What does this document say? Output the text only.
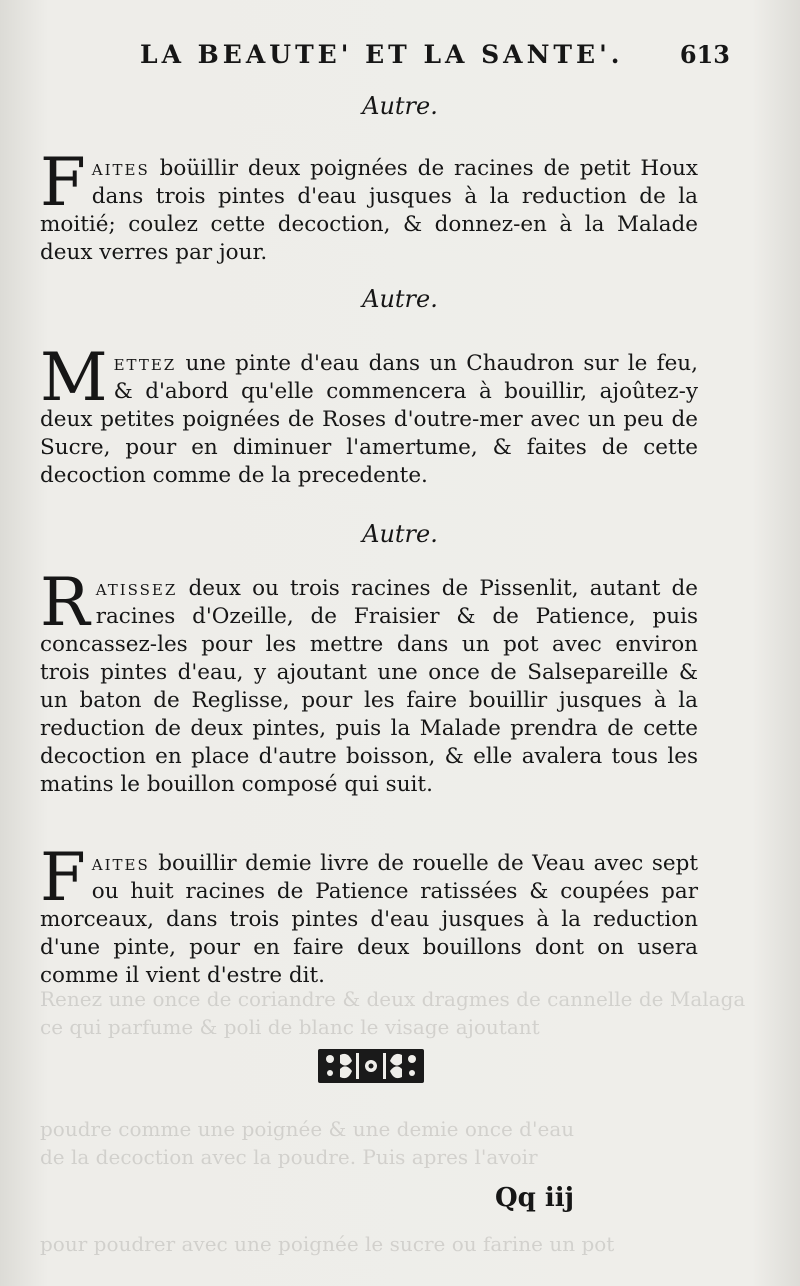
Renez une once de coriandre & deux dragmes de cannelle de Malaga
ce qui parfume & poli de blanc le visage ajoutant
poudre comme une poignée & une demie once d'eau
de la decoction avec la poudre. Puis apres l'avoir
pour poudrer avec une poignée le sucre ou farine un pot
LA BEAUTE' ET LA SANTE'. 613
Autre.
Faites boüillir deux poignées de racines de petit Houx dans trois pintes d'eau jusques à la reduction de la moitié; coulez cette decoction, & donnez-en à la Malade deux verres par jour.
Autre.
Mettez une pinte d'eau dans un Chaudron sur le feu, & d'abord qu'elle commencera à bouillir, ajoûtez-y deux petites poignées de Roses d'outre-mer avec un peu de Sucre, pour en diminuer l'amertume, & faites de cette decoction comme de la precedente.
Autre.
Ratissez deux ou trois racines de Pissenlit, autant de racines d'Ozeille, de Fraisier & de Patience, puis concassez-les pour les mettre dans un pot avec environ trois pintes d'eau, y ajoutant une once de Salsepareille & un baton de Reglisse, pour les faire bouillir jusques à la reduction de deux pintes, puis la Malade prendra de cette decoction en place d'autre boisson, & elle avalera tous les matins le bouillon composé qui suit.
Faites bouillir demie livre de rouelle de Veau avec sept ou huit racines de Patience ratissées & coupées par morceaux, dans trois pintes d'eau jusques à la reduction d'une pinte, pour en faire deux bouillons dont on usera comme il vient d'estre dit.
Qq iij
